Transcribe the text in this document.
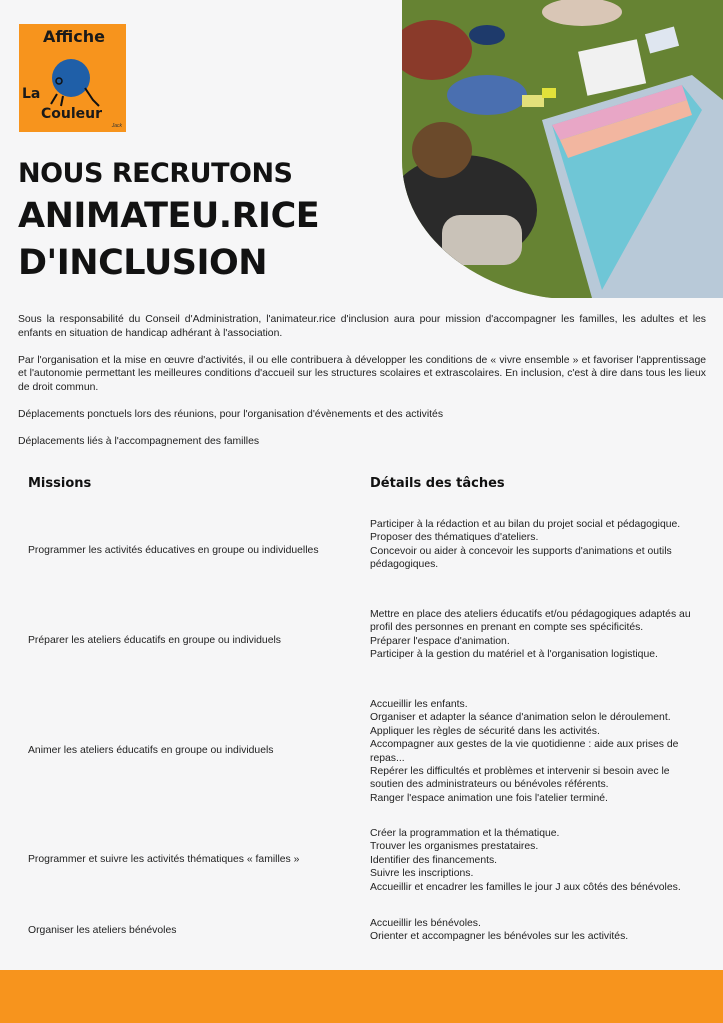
Affiche
La
Couleur
Jack
NOUS RECRUTONS
ANIMATEU.RICE
D'INCLUSION

Sous la responsabilité du Conseil d'Administration, l'animateur.rice d'inclusion aura pour mission d'accompagner les familles, les adultes et les enfants en situation de handicap adhérant à l'association.

Par l'organisation et la mise en œuvre d'activités, il ou elle contribuera à développer les conditions de « vivre ensemble » et favoriser l'apprentissage et l'autonomie permettant les meilleures conditions d'accueil sur les structures scolaires et extrascolaires. En inclusion, c'est à dire dans tous les lieux de droit commun.

Déplacements ponctuels lors des réunions, pour l'organisation d'évènements et des activités

Déplacements liés à l'accompagnement des familles

Missions	Détails des tâches
Programmer les activités éducatives en groupe ou individuelles
Participer à la rédaction et au bilan du projet social et pédagogique.
Proposer des thématiques d'ateliers.
Concevoir ou aider à concevoir les supports d'animations et outils pédagogiques.
Préparer les ateliers éducatifs en groupe ou individuels
Mettre en place des ateliers éducatifs et/ou pédagogiques adaptés au profil des personnes en prenant en compte ses spécificités.
Préparer l'espace d'animation.
Participer à la gestion du matériel et à l'organisation logistique.
Animer les ateliers éducatifs en groupe ou individuels
Accueillir les enfants.
Organiser et adapter la séance d'animation selon le déroulement.
Appliquer les règles de sécurité dans les activités.
Accompagner aux gestes de la vie quotidienne : aide aux prises de repas...
Repérer les difficultés et problèmes et intervenir si besoin avec le soutien des administrateurs ou bénévoles référents.
Ranger l'espace animation une fois l'atelier terminé.
Programmer et suivre les activités thématiques « familles »
Créer la programmation et la thématique.
Trouver les organismes prestataires.
Identifier des financements.
Suivre les inscriptions.
Accueillir et encadrer les familles le jour J aux côtés des bénévoles.
Organiser les ateliers bénévoles
Accueillir les bénévoles.
Orienter et accompagner les bénévoles sur les activités.
